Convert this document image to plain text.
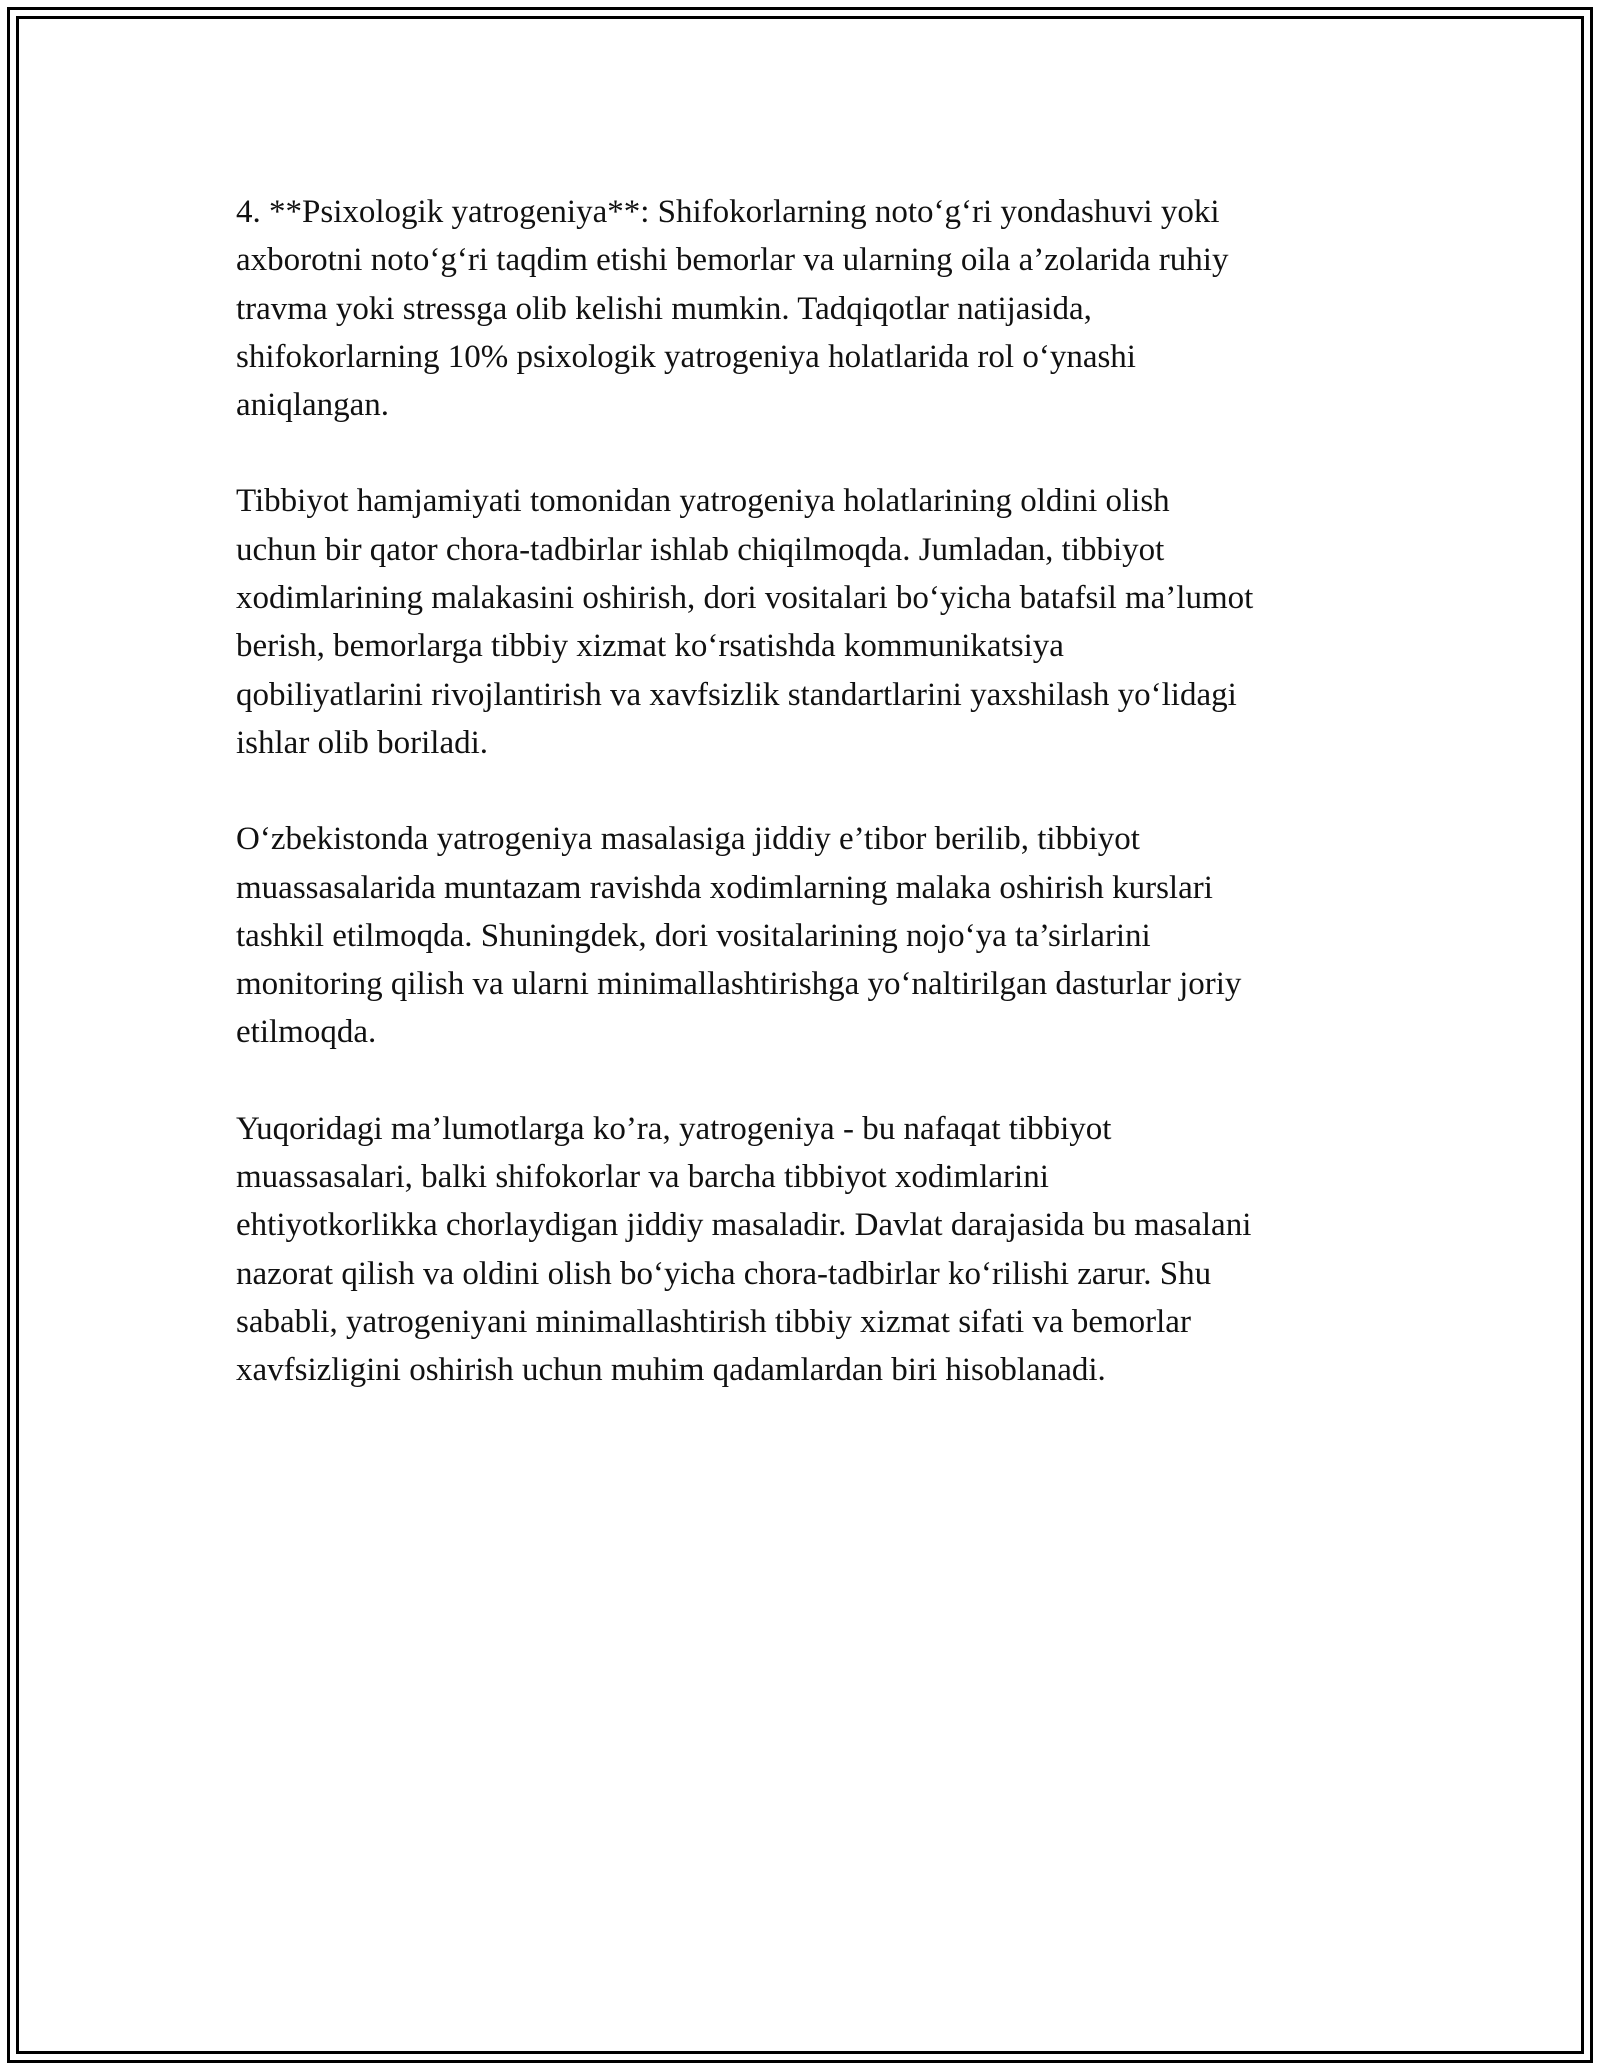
4. **Psixologik yatrogeniya**: Shifokorlarning noto‘g‘ri yondashuvi yoki
axborotni noto‘g‘ri taqdim etishi bemorlar va ularning oila a’zolarida ruhiy
travma yoki stressga olib kelishi mumkin. Tadqiqotlar natijasida,
shifokorlarning 10% psixologik yatrogeniya holatlarida rol o‘ynashi
aniqlangan.

Tibbiyot hamjamiyati tomonidan yatrogeniya holatlarining oldini olish
uchun bir qator chora-tadbirlar ishlab chiqilmoqda. Jumladan, tibbiyot
xodimlarining malakasini oshirish, dori vositalari bo‘yicha batafsil ma’lumot
berish, bemorlarga tibbiy xizmat ko‘rsatishda kommunikatsiya
qobiliyatlarini rivojlantirish va xavfsizlik standartlarini yaxshilash yo‘lidagi
ishlar olib boriladi.

O‘zbekistonda yatrogeniya masalasiga jiddiy e’tibor berilib, tibbiyot
muassasalarida muntazam ravishda xodimlarning malaka oshirish kurslari
tashkil etilmoqda. Shuningdek, dori vositalarining nojo‘ya ta’sirlarini
monitoring qilish va ularni minimallashtirishga yo‘naltirilgan dasturlar joriy
etilmoqda.

Yuqoridagi ma’lumotlarga ko’ra, yatrogeniya - bu nafaqat tibbiyot
muassasalari, balki shifokorlar va barcha tibbiyot xodimlarini
ehtiyotkorlikka chorlaydigan jiddiy masaladir. Davlat darajasida bu masalani
nazorat qilish va oldini olish bo‘yicha chora-tadbirlar ko‘rilishi zarur. Shu
sababli, yatrogeniyani minimallashtirish tibbiy xizmat sifati va bemorlar
xavfsizligini oshirish uchun muhim qadamlardan biri hisoblanadi.
